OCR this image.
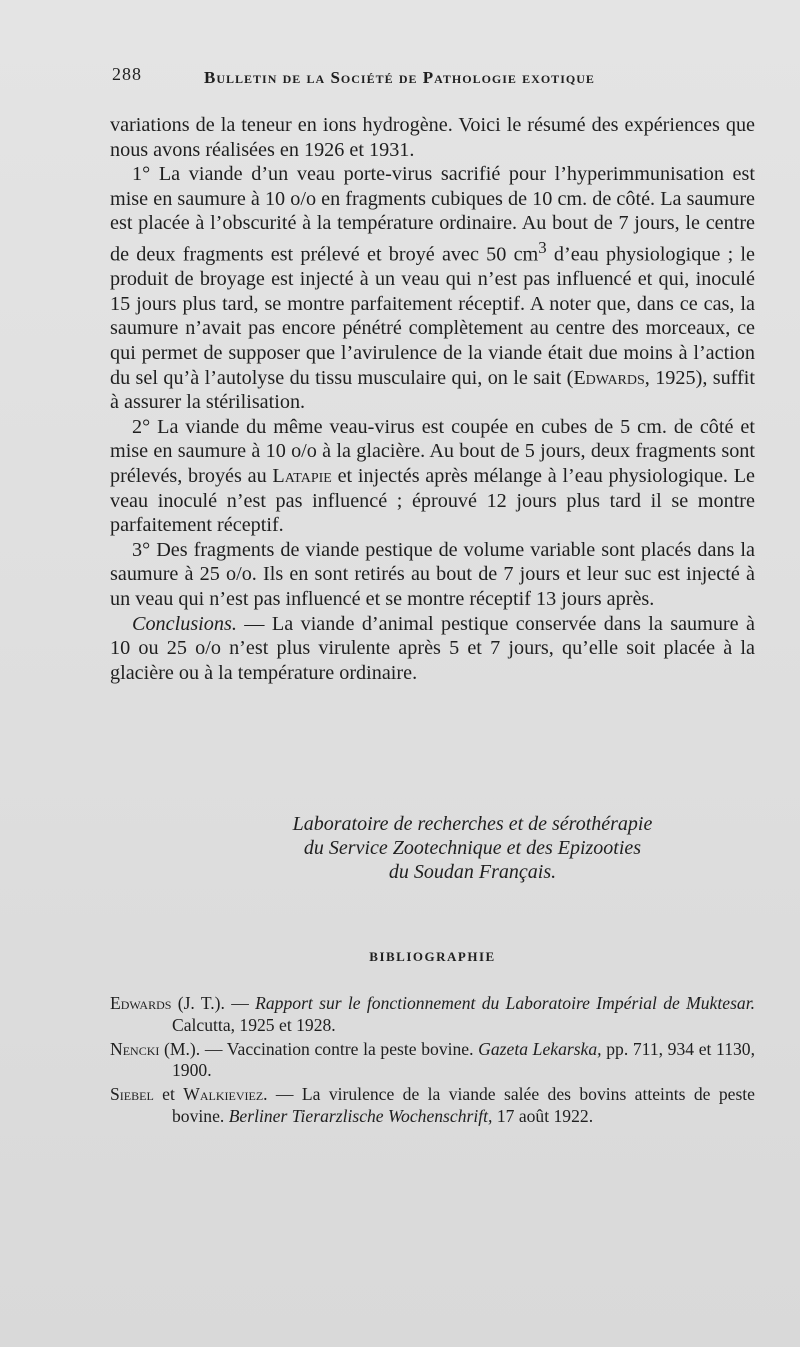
288	Bulletin de la Société de Pathologie exotique

variations de la teneur en ions hydrogène. Voici le résumé des expériences que nous avons réalisées en 1926 et 1931.

1° La viande d’un veau porte-virus sacrifié pour l’hyperimmunisation est mise en saumure à 10 o/o en fragments cubiques de 10 cm. de côté. La saumure est placée à l’obscurité à la température ordinaire. Au bout de 7 jours, le centre de deux fragments est prélevé et broyé avec 50 $cm^3$ d’eau physiologique ; le produit de broyage est injecté à un veau qui n’est pas influencé et qui, inoculé 15 jours plus tard, se montre parfaitement réceptif. A noter que, dans ce cas, la saumure n’avait pas encore pénétré complètement au centre des morceaux, ce qui permet de supposer que l’avirulence de la viande était due moins à l’action du sel qu’à l’autolyse du tissu musculaire qui, on le sait (Edwards, 1925), suffit à assurer la stérilisation.

2° La viande du même veau-virus est coupée en cubes de 5 cm. de côté et mise en saumure à 10 o/o à la glacière. Au bout de 5 jours, deux fragments sont prélevés, broyés au Latapie et injectés après mélange à l’eau physiologique. Le veau inoculé n’est pas influencé ; éprouvé 12 jours plus tard il se montre parfaitement réceptif.

3° Des fragments de viande pestique de volume variable sont placés dans la saumure à 25 o/o. Ils en sont retirés au bout de 7 jours et leur suc est injecté à un veau qui n’est pas influencé et se montre réceptif 13 jours après.

Conclusions. — La viande d’animal pestique conservée dans la saumure à 10 ou 25 o/o n’est plus virulente après 5 et 7 jours, qu’elle soit placée à la glacière ou à la température ordinaire.

Laboratoire de recherches et de sérothérapie
du Service Zootechnique et des Epizooties
du Soudan Français.
BIBLIOGRAPHIE

Edwards (J. T.). — Rapport sur le fonctionnement du Laboratoire Impérial de Muktesar. Calcutta, 1925 et 1928.

Nencki (M.). — Vaccination contre la peste bovine. Gazeta Lekarska, pp. 711, 934 et 1130, 1900.

Siebel et Walkieviez. — La virulence de la viande salée des bovins atteints de peste bovine. Berliner Tierarzlische Wochenschrift, 17 août 1922.
